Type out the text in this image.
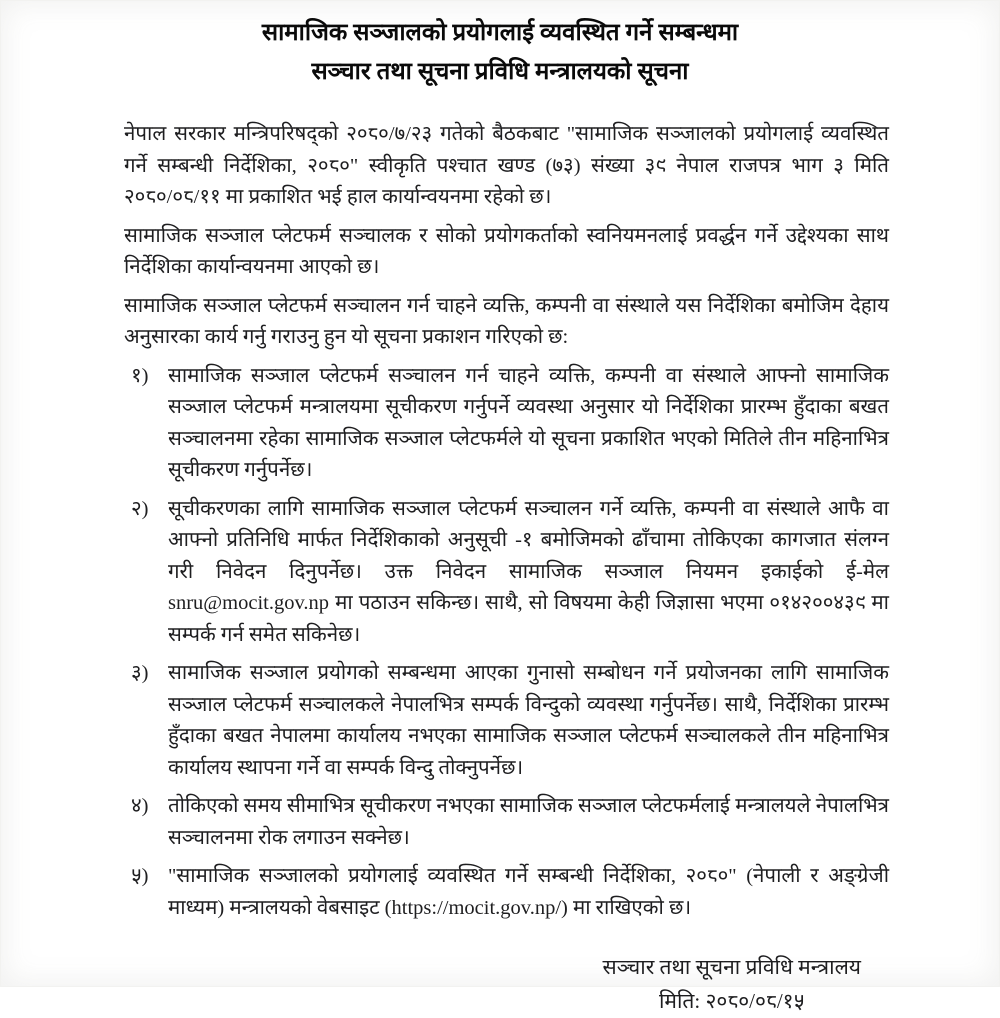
सामाजिक सञ्जालको प्रयोगलाई व्यवस्थित गर्ने सम्बन्धमा
सञ्चार तथा सूचना प्रविधि मन्त्रालयको सूचना

नेपाल सरकार मन्त्रिपरिषद्को २०८०/७/२३ गतेको बैठकबाट "सामाजिक सञ्जालको प्रयोगलाई व्यवस्थित गर्ने सम्बन्धी निर्देशिका, २०८०" स्वीकृति पश्चात खण्ड (७३) संख्या ३९ नेपाल राजपत्र भाग ३ मिति २०८०/०८/११ मा प्रकाशित भई हाल कार्यान्वयनमा रहेको छ।

सामाजिक सञ्जाल प्लेटफर्म सञ्चालक र सोको प्रयोगकर्ताको स्वनियमनलाई प्रवर्द्धन गर्ने उद्देश्यका साथ निर्देशिका कार्यान्वयनमा आएको छ।

सामाजिक सञ्जाल प्लेटफर्म सञ्चालन गर्न चाहने व्यक्ति, कम्पनी वा संस्थाले यस निर्देशिका बमोजिम देहाय अनुसारका कार्य गर्नु गराउनु हुन यो सूचना प्रकाशन गरिएको छ:

१) सामाजिक सञ्जाल प्लेटफर्म सञ्चालन गर्न चाहने व्यक्ति, कम्पनी वा संस्थाले आफ्नो सामाजिक सञ्जाल प्लेटफर्म मन्त्रालयमा सूचीकरण गर्नुपर्ने व्यवस्था अनुसार यो निर्देशिका प्रारम्भ हुँदाका बखत सञ्चालनमा रहेका सामाजिक सञ्जाल प्लेटफर्मले यो सूचना प्रकाशित भएको मितिले तीन महिनाभित्र सूचीकरण गर्नुपर्नेछ।
२) सूचीकरणका लागि सामाजिक सञ्जाल प्लेटफर्म सञ्चालन गर्ने व्यक्ति, कम्पनी वा संस्थाले आफै वा आफ्नो प्रतिनिधि मार्फत निर्देशिकाको अनुसूची -१ बमोजिमको ढाँचामा तोकिएका कागजात संलग्न गरी निवेदन दिनुपर्नेछ। उक्त निवेदन सामाजिक सञ्जाल नियमन इकाईको ई-मेल snru@mocit.gov.np मा पठाउन सकिन्छ। साथै, सो विषयमा केही जिज्ञासा भएमा ०१४२००४३९ मा सम्पर्क गर्न समेत सकिनेछ।
३) सामाजिक सञ्जाल प्रयोगको सम्बन्धमा आएका गुनासो सम्बोधन गर्ने प्रयोजनका लागि सामाजिक सञ्जाल प्लेटफर्म सञ्चालकले नेपालभित्र सम्पर्क विन्दुको व्यवस्था गर्नुपर्नेछ। साथै, निर्देशिका प्रारम्भ हुँदाका बखत नेपालमा कार्यालय नभएका सामाजिक सञ्जाल प्लेटफर्म सञ्चालकले तीन महिनाभित्र कार्यालय स्थापना गर्ने वा सम्पर्क विन्दु तोक्नुपर्नेछ।
४) तोकिएको समय सीमाभित्र सूचीकरण नभएका सामाजिक सञ्जाल प्लेटफर्मलाई मन्त्रालयले नेपालभित्र सञ्चालनमा रोक लगाउन सक्नेछ।
५) "सामाजिक सञ्जालको प्रयोगलाई व्यवस्थित गर्ने सम्बन्धी निर्देशिका, २०८०" (नेपाली र अङ्ग्रेजी माध्यम) मन्त्रालयको वेबसाइट (https://mocit.gov.np/) मा राखिएको छ।
सञ्चार तथा सूचना प्रविधि मन्त्रालय
मिति: २०८०/०८/१५
